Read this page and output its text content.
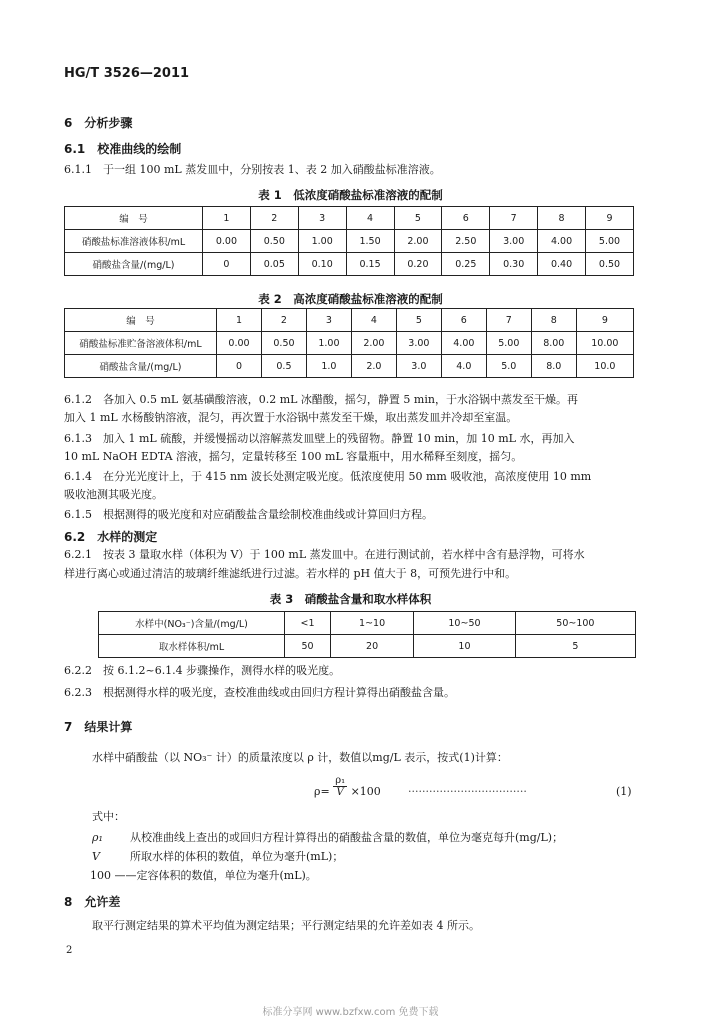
HG/T 3526—2011
6　分析步骤
6.1　校准曲线的绘制
6.1.1　于一组 100 mL 蒸发皿中，分别按表 1、表 2 加入硝酸盐标准溶液。
表 1　低浓度硝酸盐标准溶液的配制
编　号	1	2	3	4	5	6	7	8	9
硝酸盐标准溶液体积/mL	0.00	0.50	1.00	1.50	2.00	2.50	3.00	4.00	5.00
硝酸盐含量/(mg/L)	0	0.05	0.10	0.15	0.20	0.25	0.30	0.40	0.50
表 2　高浓度硝酸盐标准溶液的配制
编　号	1	2	3	4	5	6	7	8	9
硝酸盐标准贮备溶液体积/mL	0.00	0.50	1.00	2.00	3.00	4.00	5.00	8.00	10.00
硝酸盐含量/(mg/L)	0	0.5	1.0	2.0	3.0	4.0	5.0	8.0	10.0
6.1.2　各加入 0.5 mL 氨基磺酸溶液，0.2 mL 冰醋酸，摇匀，静置 5 min，于水浴锅中蒸发至干燥。再
加入 1 mL 水杨酸钠溶液，混匀，再次置于水浴锅中蒸发至干燥，取出蒸发皿并冷却至室温。
6.1.3　加入 1 mL 硫酸，并缓慢摇动以溶解蒸发皿壁上的残留物。静置 10 min，加 10 mL 水，再加入
10 mL NaOH EDTA 溶液，摇匀，定量转移至 100 mL 容量瓶中，用水稀释至刻度，摇匀。
6.1.4　在分光光度计上，于 415 nm 波长处测定吸光度。低浓度使用 50 mm 吸收池，高浓度使用 10 mm
吸收池测其吸光度。
6.1.5　根据测得的吸光度和对应硝酸盐含量绘制校准曲线或计算回归方程。
6.2　水样的测定
6.2.1　按表 3 量取水样（体积为 V）于 100 mL 蒸发皿中。在进行测试前，若水样中含有悬浮物，可将水
样进行离心或通过清洁的玻璃纤维滤纸进行过滤。若水样的 pH 值大于 8，可预先进行中和。
表 3　硝酸盐含量和取水样体积
水样中(NO₃⁻)含量/(mg/L)	<1	1~10	10~50	50~100
取水样体积/mL	50	20	10	5
6.2.2　按 6.1.2~6.1.4 步骤操作，测得水样的吸光度。
6.2.3　根据测得水样的吸光度，查校准曲线或由回归方程计算得出硝酸盐含量。
7　结果计算
水样中硝酸盐（以 NO₃⁻ 计）的质量浓度以 ρ 计，数值以mg/L 表示，按式(1)计算：
$\rho= \frac{\text{ρ₁}}{V} \times 100$ ··································	(1)
式中：
ρ₁ 从校准曲线上查出的或回归方程计算得出的硝酸盐含量的数值，单位为毫克每升(mg/L)；
V	所取水样的体积的数值，单位为毫升(mL)；
100 ——定容体积的数值，单位为毫升(mL)。
8　允许差
取平行测定结果的算术平均值为测定结果；平行测定结果的允许差如表 4 所示。
2
标准分享网 www.bzfxw.com 免费下载
